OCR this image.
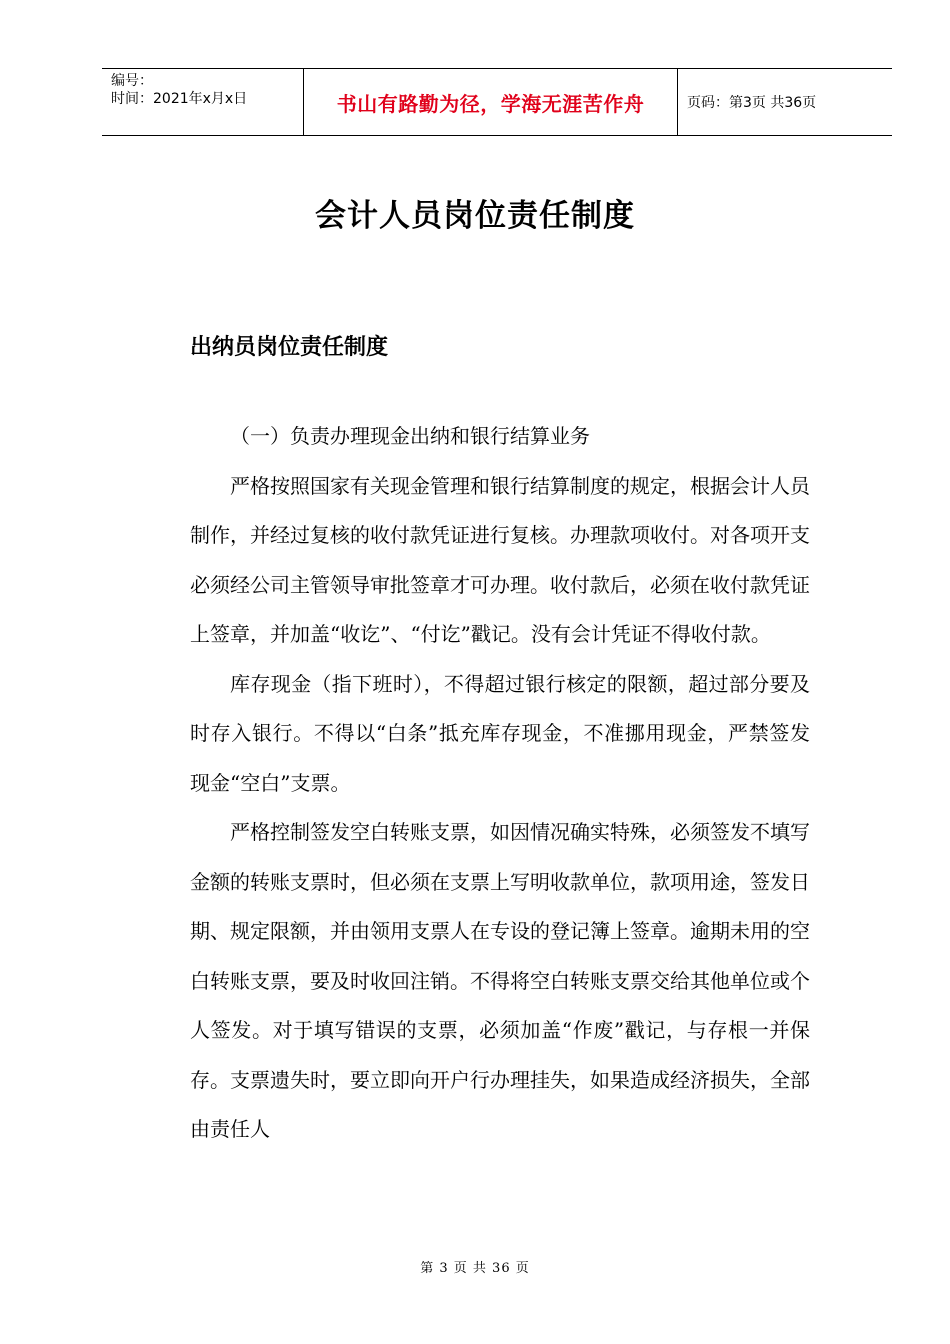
编号：
时间：2021年x月x日	书山有路勤为径，学海无涯苦作舟	页码：第3页 共36页
会计人员岗位责任制度
出纳员岗位责任制度

（一）负责办理现金出纳和银行结算业务

严格按照国家有关现金管理和银行结算制度的规定，根据会计人员制作，并经过复核的收付款凭证进行复核。办理款项收付。对各项开支必须经公司主管领导审批签章才可办理。收付款后，必须在收付款凭证上签章，并加盖“收讫”、“付讫”戳记。没有会计凭证不得收付款。

库存现金（指下班时），不得超过银行核定的限额，超过部分要及时存入银行。不得以“白条”抵充库存现金，不准挪用现金，严禁签发现金“空白”支票。

严格控制签发空白转账支票，如因情况确实特殊，必须签发不填写金额的转账支票时，但必须在支票上写明收款单位，款项用途，签发日期、规定限额，并由领用支票人在专设的登记簿上签章。逾期未用的空白转账支票，要及时收回注销。不得将空白转账支票交给其他单位或个人签发。对于填写错误的支票，必须加盖“作废”戳记，与存根一并保存。支票遗失时，要立即向开户行办理挂失，如果造成经济损失，全部由责任人

第 3 页 共 36 页
